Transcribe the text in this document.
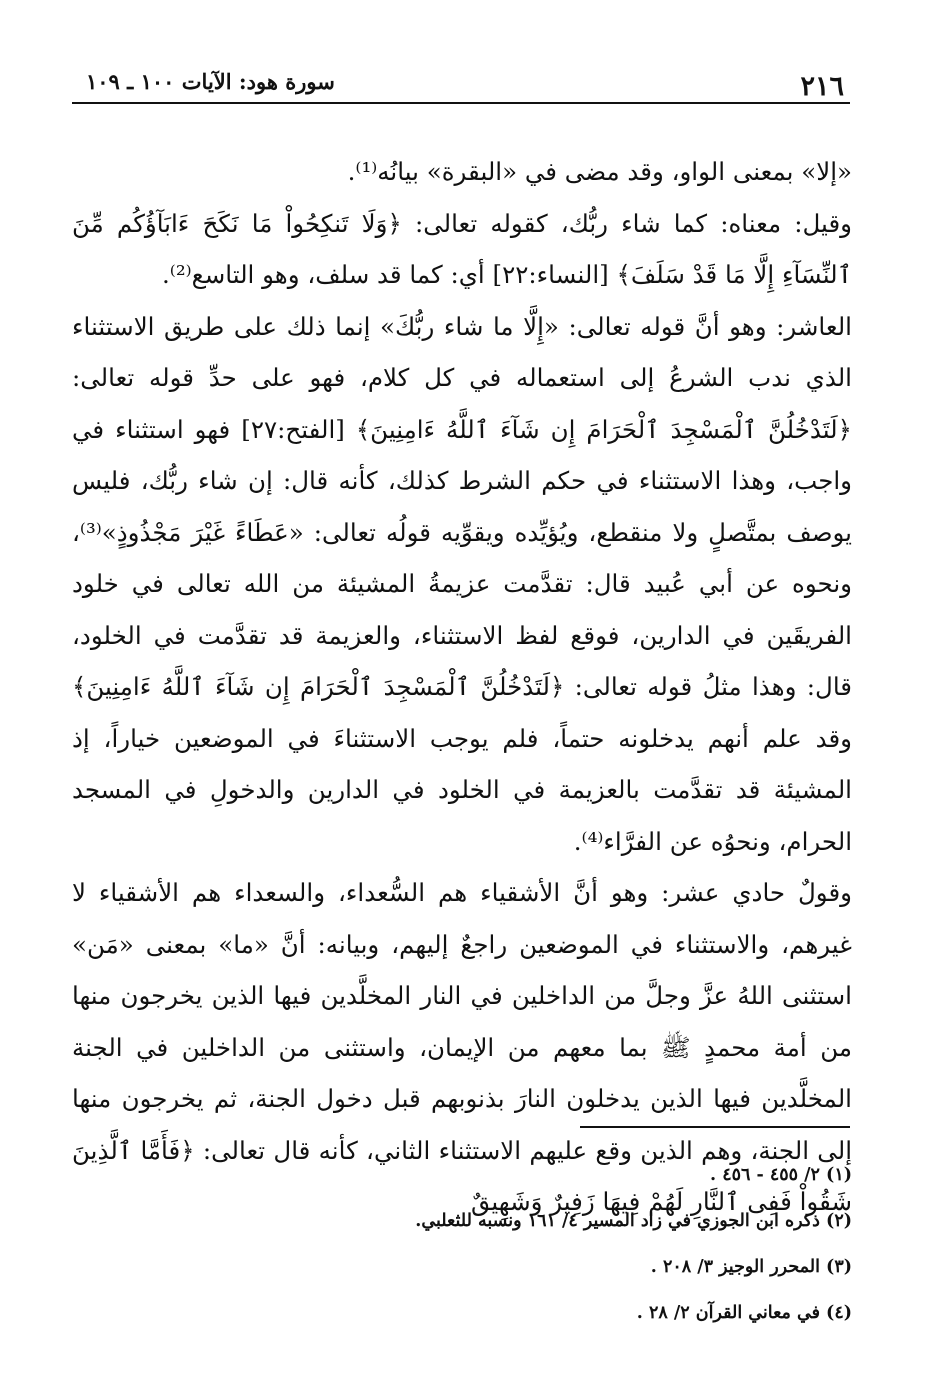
٢١٦
سورة هود: الآيات ١٠٠ ـ ١٠٩

«إلا» بمعنى الواو، وقد مضى في «البقرة» بيانُه⁽¹⁾.

وقيل: معناه: كما شاء ربُّك، كقوله تعالى: ﴿وَلَا تَنكِحُواْ مَا نَكَحَ ءَابَآؤُكُم مِّنَ ٱلنِّسَآءِ إِلَّا مَا قَدْ سَلَفَ﴾ [النساء:٢٢] أي: كما قد سلف، وهو التاسع⁽²⁾.

العاشر: وهو أنَّ قوله تعالى: «إِلَّا ما شاء ربُّكَ» إنما ذلك على طريق الاستثناء الذي ندب الشرعُ إلى استعماله في كل كلام، فهو على حدِّ قوله تعالى: ﴿لَتَدْخُلُنَّ ٱلْمَسْجِدَ ٱلْحَرَامَ إِن شَآءَ ٱللَّهُ ءَامِنِينَ﴾ [الفتح:٢٧] فهو استثناء في واجب، وهذا الاستثناء في حكم الشرط كذلك، كأنه قال: إن شاء ربُّك، فليس يوصف بمتَّصلٍ ولا منقطع، ويُؤيِّده ويقوِّيه قولُه تعالى: «عَطَاءً غَيْرَ مَجْذُوذٍ»⁽³⁾، ونحوه عن أبي عُبيد قال: تقدَّمت عزيمةُ المشيئة من الله تعالى في خلود الفريقَين في الدارين، فوقع لفظ الاستثناء، والعزيمة قد تقدَّمت في الخلود، قال: وهذا مثلُ قوله تعالى: ﴿لَتَدْخُلُنَّ ٱلْمَسْجِدَ ٱلْحَرَامَ إِن شَآءَ ٱللَّهُ ءَامِنِينَ﴾ وقد علم أنهم يدخلونه حتماً، فلم يوجب الاستثناءَ في الموضعين خياراً، إذ المشيئة قد تقدَّمت بالعزيمة في الخلود في الدارين والدخولِ في المسجد الحرام، ونحوُه عن الفرَّاء⁽⁴⁾.

وقولٌ حادي عشر: وهو أنَّ الأشقياء هم السُّعداء، والسعداء هم الأشقياء لا غيرهم، والاستثناء في الموضعين راجعٌ إليهم، وبيانه: أنَّ «ما» بمعنى «مَن» استثنى اللهُ عزَّ وجلَّ من الداخلين في النار المخلَّدين فيها الذين يخرجون منها من أمة محمدٍ ﷺ بما معهم من الإيمان، واستثنى من الداخلين في الجنة المخلَّدين فيها الذين يدخلون النارَ بذنوبهم قبل دخول الجنة، ثم يخرجون منها إلى الجنة، وهم الذين وقع عليهم الاستثناء الثاني، كأنه قال تعالى: ﴿فَأَمَّا ٱلَّذِينَ شَقُواْ فَفِى ٱلنَّارِ لَهُمْ فِيهَا زَفِيرٌ وَشَهِيقٌ

(١) ٢/ ٤٥٥ - ٤٥٦ .
(٢) ذكره ابن الجوزي في زاد المسير ٤/ ١٦١ ونسبه للثعلبي.
(٣) المحرر الوجيز ٣/ ٢٠٨ .
(٤) في معاني القرآن ٢/ ٢٨ .
